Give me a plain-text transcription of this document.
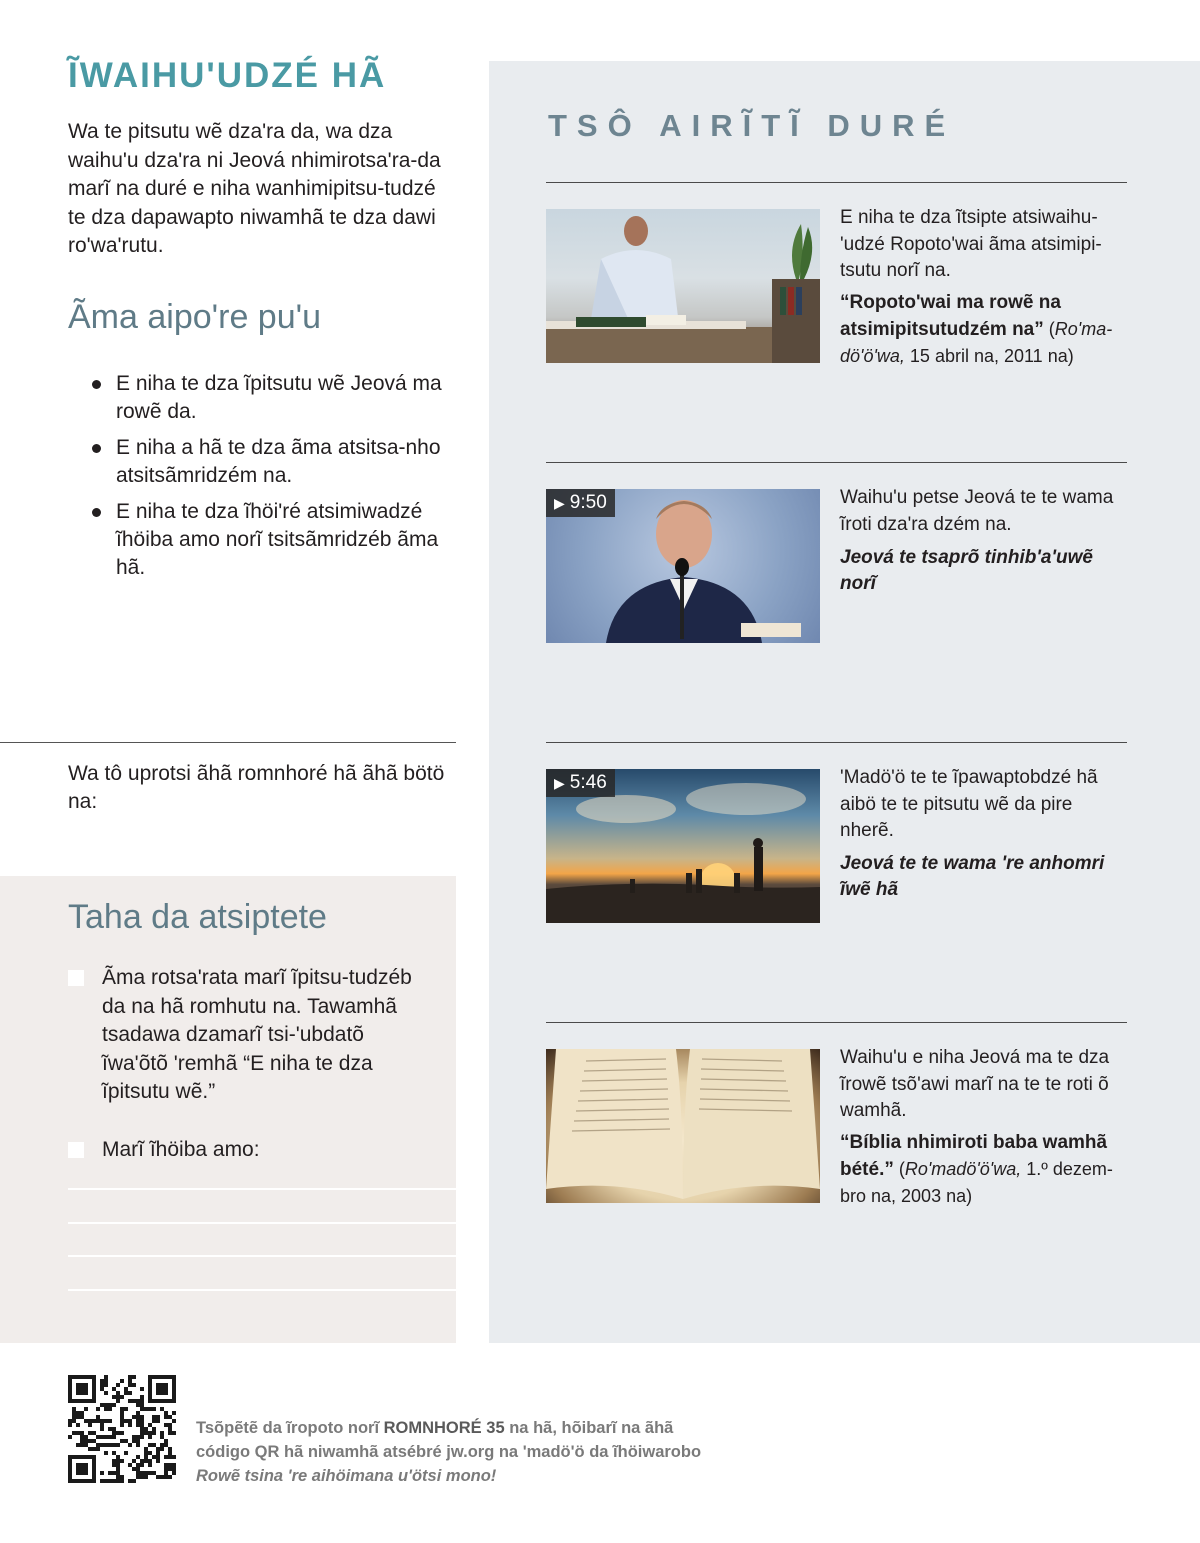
ĨWAIHU'UDZÉ HÃ

Wa te pitsutu wẽ dza'ra da, wa dza waihu'u dza'ra ni Jeová nhimirotsa'ra-da marĩ na duré e niha wanhimipitsu-tudzé te dza dapawapto niwamhã te dza dawi ro'wa'rutu.

Ãma aipo're pu'u
E niha te dza ĩpitsutu wẽ Jeová ma rowẽ da.
E niha a hã te dza ãma atsitsa-nho atsitsãmridzém na.
E niha te dza ĩhöi'ré atsimiwadzé ĩhöiba amo norĩ tsitsãmridzéb ãma hã.

Wa tô uprotsi ãhã romnhoré hã ãhã bötö na:

Taha da atsiptete

Ãma rotsa'rata marĩ ĩpitsu-tudzéb da na hã romhutu na. Tawamhã tsadawa dzamarĩ tsi-'ubdatõ ĩwa'õtõ 'remhã “E niha te dza ĩpitsutu wẽ.”

Marĩ ĩhöiba amo:

TSÔ AIRĨTĨ DURÉ

E niha te dza ĩtsipte atsiwaihu-'udzé Ropoto'wai ãma atsimipi-tsutu norĩ na.

“Ropoto'wai ma rowẽ na atsimipitsutudzém na” (Ro'ma-dö'ö'wa, 15 abril na, 2011 na)

▶ 9:50	Waihu'u petse Jeová te te wama ĩroti dza'ra dzém na.

Jeová te tsaprõ tinhib'a'uwẽ norĩ

▶ 5:46	'Madö'ö te te ĩpawaptobdzé hã aibö te te pitsutu wẽ da pire nherẽ.

Jeová te te wama 're anhomri ĩwẽ hã

Waihu'u e niha Jeová ma te dza ĩrowẽ tsõ'awi marĩ na te te roti õ wamhã.

“Bíblia nhimiroti baba wamhã bété.” (Ro'madö'ö'wa, 1.º dezem-bro na, 2003 na)

Tsõpẽtẽ da ĩropoto norĩ ROMNHORÉ 35 na hã, hõibarĩ na ãhã código QR hã niwamhã atsébré jw.org na 'madö'ö da ĩhöiwarobo Rowẽ tsina 're aihöimana u'ötsi mono!
